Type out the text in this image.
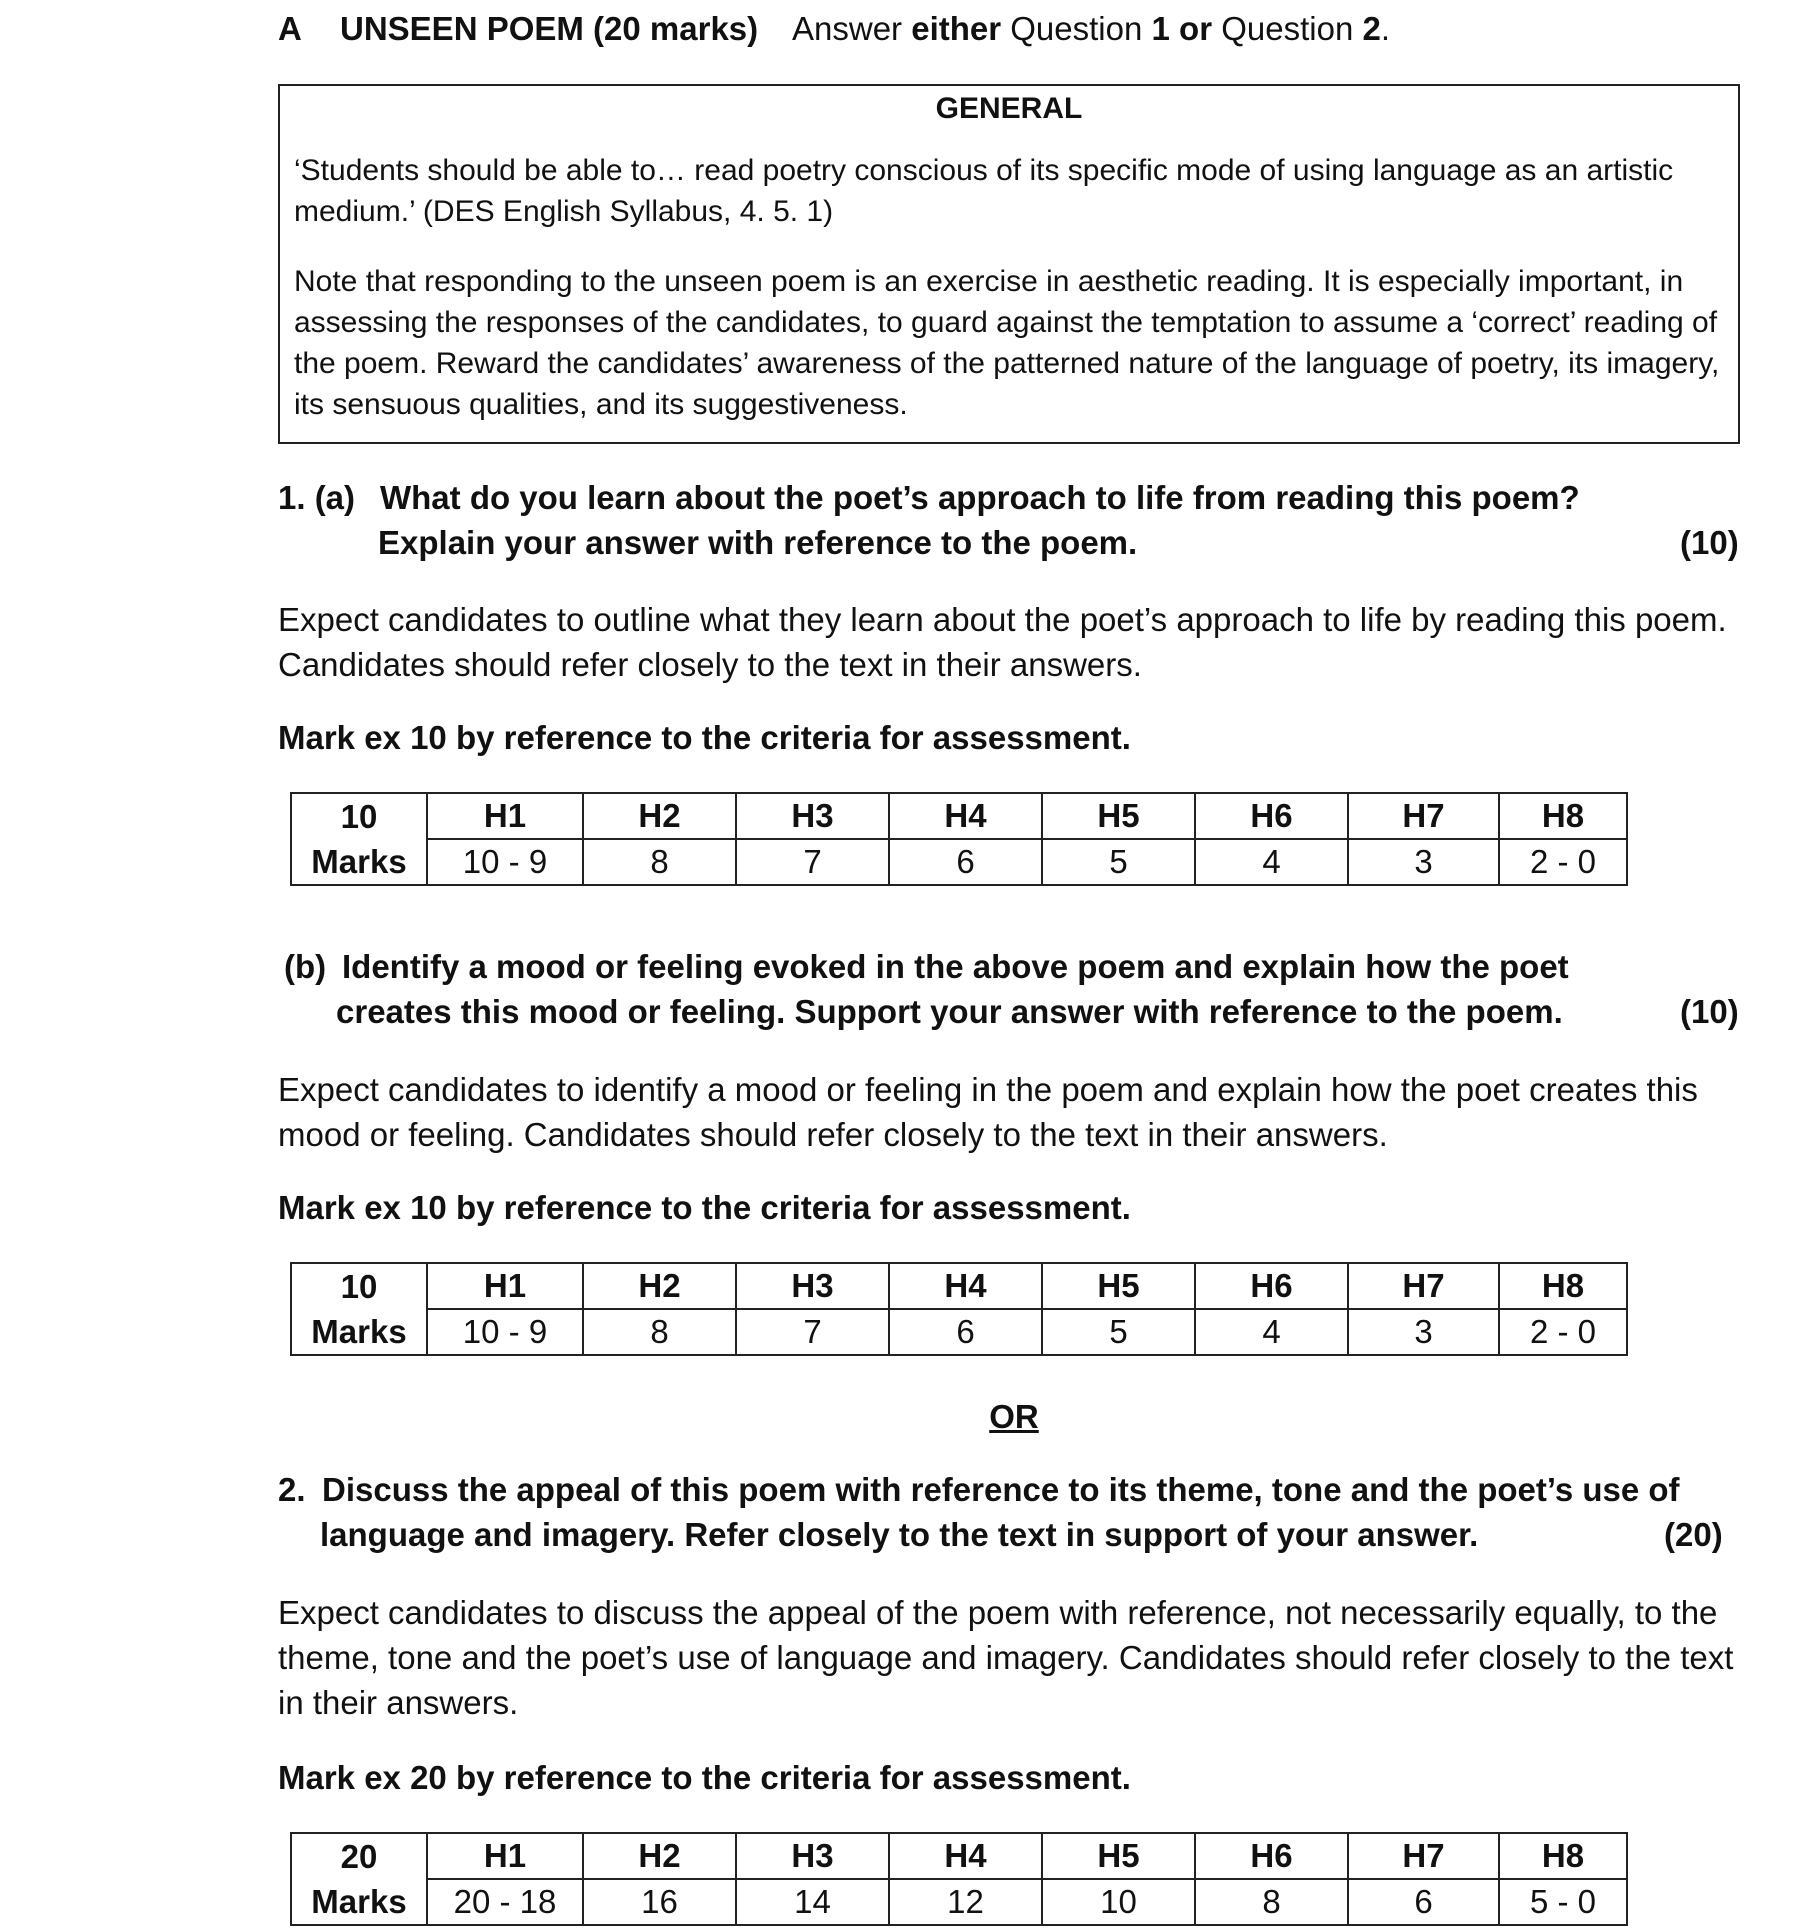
A UNSEEN POEM (20 marks) Answer either Question 1 or Question 2.
GENERAL
‘Students should be able to… read poetry conscious of its specific mode of using language as an artistic medium.’ (DES English Syllabus, 4. 5. 1)
Note that responding to the unseen poem is an exercise in aesthetic reading. It is especially important, in assessing the responses of the candidates, to guard against the temptation to assume a ‘correct’ reading of the poem. Reward the candidates’ awareness of the patterned nature of the language of poetry, its imagery, its sensuous qualities, and its suggestiveness.
1. (a) What do you learn about the poet’s approach to life from reading this poem?
Explain your answer with reference to the poem.	(10)
Expect candidates to outline what they learn about the poet’s approach to life by reading this poem. Candidates should refer closely to the text in their answers.
Mark ex 10 by reference to the criteria for assessment.
10	H1	H2	H3	H4	H5	H6	H7	H8
Marks	10 - 9	8	7	6	5	4	3	2 - 0
(b) Identify a mood or feeling evoked in the above poem and explain how the poet
creates this mood or feeling. Support your answer with reference to the poem.	(10)
Expect candidates to identify a mood or feeling in the poem and explain how the poet creates this mood or feeling. Candidates should refer closely to the text in their answers.
Mark ex 10 by reference to the criteria for assessment.
10	H1	H2	H3	H4	H5	H6	H7	H8
Marks	10 - 9	8	7	6	5	4	3	2 - 0
OR
2. Discuss the appeal of this poem with reference to its theme, tone and the poet’s use of
language and imagery. Refer closely to the text in support of your answer.	(20)
Expect candidates to discuss the appeal of the poem with reference, not necessarily equally, to the theme, tone and the poet’s use of language and imagery. Candidates should refer closely to the text in their answers.
Mark ex 20 by reference to the criteria for assessment.
20	H1	H2	H3	H4	H5	H6	H7	H8
Marks	20 - 18	16	14	12	10	8	6	5 - 0
